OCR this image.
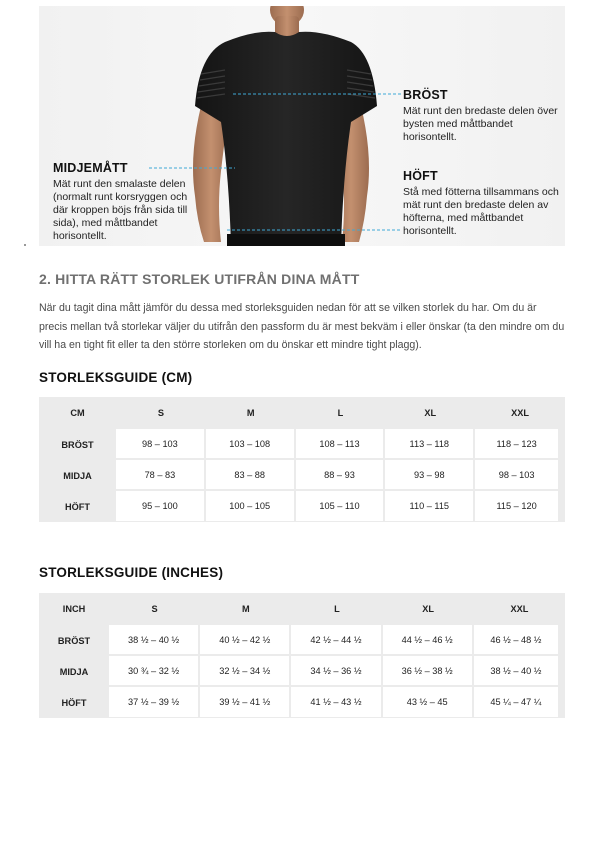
BRÖST
Mät runt den bredaste delen över bysten med måttbandet horisontellt.
MIDJEMÅTT
Mät runt den smalaste delen (normalt runt korsryggen och där kroppen böjs från sida till sida), med måttbandet horisontellt.
HÖFT
Stå med fötterna tillsammans och mät runt den bredaste delen av höfterna, med måttbandet horisontellt.
2. HITTA RÄTT STORLEK UTIFRÅN DINA MÅTT
När du tagit dina mått jämför du dessa med storleksguiden nedan för att se vilken storlek du har. Om du är precis mellan två storlekar väljer du utifrån den passform du är mest bekväm i eller önskar (ta den mindre om du vill ha en tight fit eller ta den större storleken om du önskar ett mindre tight plagg).
STORLEKSGUIDE (CM)
CM	S	M	L	XL	XXL
BRÖST	98 – 103	103 – 108	108 – 113	113 – 118	118 – 123
MIDJA	78 – 83	83 – 88	88 – 93	93 – 98	98 – 103
HÖFT	95 – 100	100 – 105	105 – 110	110 – 115	115 – 120
STORLEKSGUIDE (INCHES)
INCH	S	M	L	XL	XXL
BRÖST	38 ½ – 40 ½	40 ½ – 42 ½	42 ½ – 44 ½	44 ½ – 46 ½	46 ½ – 48 ½
MIDJA	30 ¾ – 32 ½	32 ½ – 34 ½	34 ½ – 36 ½	36 ½ – 38 ½	38 ½ – 40 ½
HÖFT	37 ½ – 39 ½	39 ½ – 41 ½	41 ½ – 43 ½	43 ½ – 45	45 ¼ – 47 ¼
